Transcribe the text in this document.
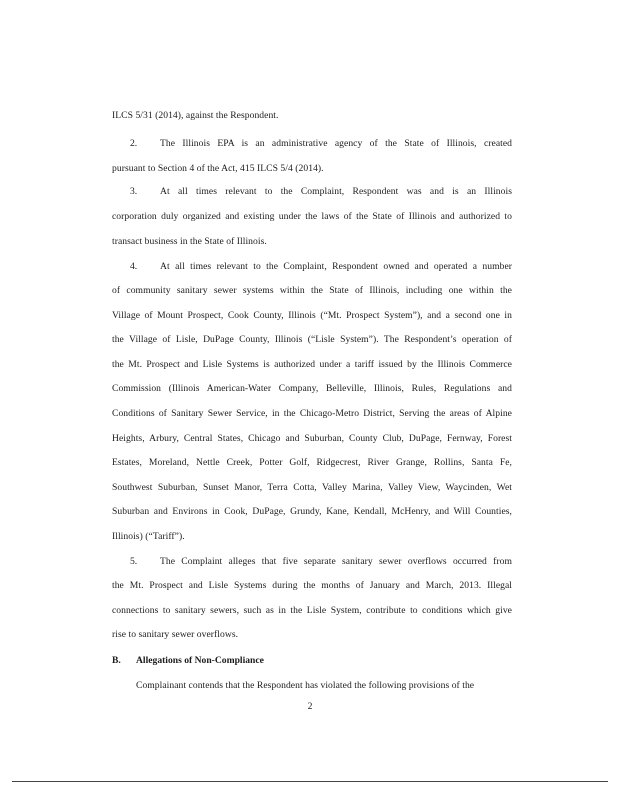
ILCS 5/31 (2014), against the Respondent.
2. The Illinois EPA is an administrative agency of the State of Illinois, created
pursuant to Section 4 of the Act, 415 ILCS 5/4 (2014).
3. At all times relevant to the Complaint, Respondent was and is an Illinois
corporation duly organized and existing under the laws of the State of Illinois and authorized to
transact business in the State of Illinois.
4. At all times relevant to the Complaint, Respondent owned and operated a number
of community sanitary sewer systems within the State of Illinois, including one within the
Village of Mount Prospect, Cook County, Illinois (“Mt. Prospect System”), and a second one in
the Village of Lisle, DuPage County, Illinois (“Lisle System”). The Respondent’s operation of
the Mt. Prospect and Lisle Systems is authorized under a tariff issued by the Illinois Commerce
Commission (Illinois American-Water Company, Belleville, Illinois, Rules, Regulations and
Conditions of Sanitary Sewer Service, in the Chicago-Metro District, Serving the areas of Alpine
Heights, Arbury, Central States, Chicago and Suburban, County Club, DuPage, Fernway, Forest
Estates, Moreland, Nettle Creek, Potter Golf, Ridgecrest, River Grange, Rollins, Santa Fe,
Southwest Suburban, Sunset Manor, Terra Cotta, Valley Marina, Valley View, Waycinden, Wet
Suburban and Environs in Cook, DuPage, Grundy, Kane, Kendall, McHenry, and Will Counties,
Illinois) (“Tariff”).
5. The Complaint alleges that five separate sanitary sewer overflows occurred from
the Mt. Prospect and Lisle Systems during the months of January and March, 2013. Illegal
connections to sanitary sewers, such as in the Lisle System, contribute to conditions which give
rise to sanitary sewer overflows.
B. Allegations of Non-Compliance
Complainant contends that the Respondent has violated the following provisions of the
2
